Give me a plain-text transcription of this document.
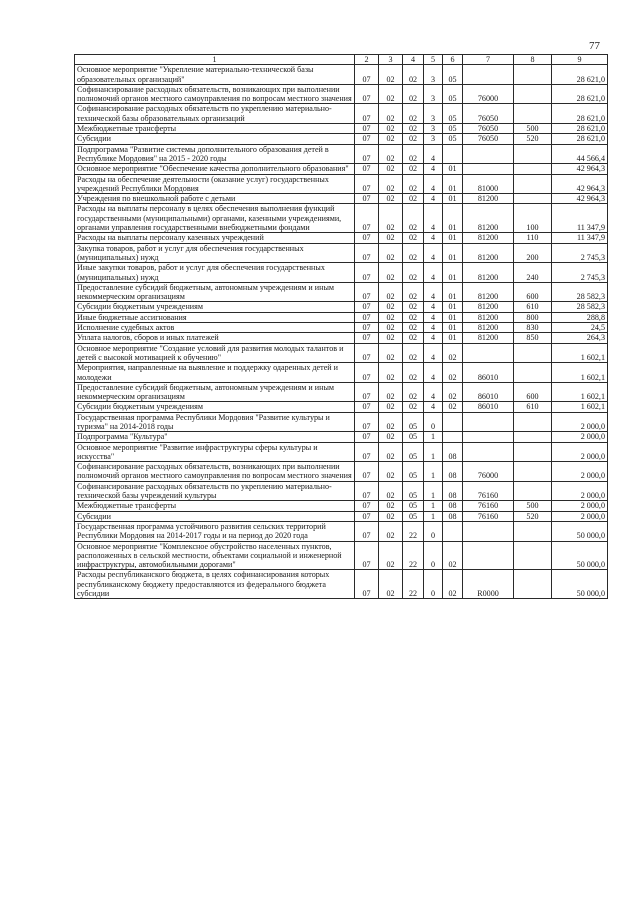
77
1	2	3	4	5	6	7	8	9
Основное мероприятие "Укрепление материально-технической базы образовательных организаций"	07	02	02	3	05			28 621,0
Софинансирование расходных обязательств, возникающих при выполнении полномочий органов местного самоуправления по вопросам местного значения	07	02	02	3	05	76000		28 621,0
Софинансирование расходных обязательств по укреплению материально-технической базы образовательных организаций	07	02	02	3	05	76050		28 621,0
Межбюджетные трансферты	07	02	02	3	05	76050	500	28 621,0
Субсидии	07	02	02	3	05	76050	520	28 621,0
Подпрограмма "Развитие системы дополнительного образования детей в Республике Мордовия" на 2015 - 2020 годы	07	02	02	4				44 566,4
Основное мероприятие "Обеспечение качества дополнительного образования"	07	02	02	4	01			42 964,3
Расходы на обеспечение деятельности (оказание услуг) государственных учреждений Республики Мордовия	07	02	02	4	01	81000		42 964,3
Учреждения по внешкольной работе с детьми	07	02	02	4	01	81200		42 964,3
Расходы на выплаты персоналу в целях обеспечения выполнения функций государственными (муниципальными) органами, казенными учреждениями, органами управления государственными внебюджетными фондами	07	02	02	4	01	81200	100	11 347,9
Расходы на выплаты персоналу казенных учреждений	07	02	02	4	01	81200	110	11 347,9
Закупка товаров, работ и услуг для обеспечения государственных (муниципальных) нужд	07	02	02	4	01	81200	200	2 745,3
Иные закупки товаров, работ и услуг для обеспечения государственных (муниципальных) нужд	07	02	02	4	01	81200	240	2 745,3
Предоставление субсидий бюджетным, автономным учреждениям и иным некоммерческим организациям	07	02	02	4	01	81200	600	28 582,3
Субсидии бюджетным учреждениям	07	02	02	4	01	81200	610	28 582,3
Иные бюджетные ассигнования	07	02	02	4	01	81200	800	288,8
Исполнение судебных актов	07	02	02	4	01	81200	830	24,5
Уплата налогов, сборов и иных платежей	07	02	02	4	01	81200	850	264,3
Основное мероприятие "Создание условий для развития молодых талантов и детей с высокой мотивацией к обучению"	07	02	02	4	02			1 602,1
Мероприятия, направленные на выявление и поддержку одаренных детей и молодежи	07	02	02	4	02	86010		1 602,1
Предоставление субсидий бюджетным, автономным учреждениям и иным некоммерческим организациям	07	02	02	4	02	86010	600	1 602,1
Субсидии бюджетным учреждениям	07	02	02	4	02	86010	610	1 602,1
Государственная программа Республики Мордовия "Развитие культуры и туризма" на 2014-2018 годы	07	02	05	0				2 000,0
Подпрограмма "Культура"	07	02	05	1				2 000,0
Основное мероприятие "Развитие инфраструктуры сферы культуры и искусства"	07	02	05	1	08			2 000,0
Софинансирование расходных обязательств, возникающих при выполнении полномочий органов местного самоуправления по вопросам местного значения	07	02	05	1	08	76000		2 000,0
Софинансирование расходных обязательств по укреплению материально-технической базы учреждений культуры	07	02	05	1	08	76160		2 000,0
Межбюджетные трансферты	07	02	05	1	08	76160	500	2 000,0
Субсидии	07	02	05	1	08	76160	520	2 000,0
Государственная программа устойчивого развития сельских территорий Республики Мордовия на 2014-2017 годы и на период до 2020 года	07	02	22	0				50 000,0
Основное мероприятие "Комплексное обустройство населенных пунктов, расположенных в сельской местности, объектами социальной и инженерной инфраструктуры, автомобильными дорогами"	07	02	22	0	02			50 000,0
Расходы республиканского бюджета, в целях софинансирования которых республиканскому бюджету предоставляются из федерального бюджета субсидии	07	02	22	0	02	R0000		50 000,0
